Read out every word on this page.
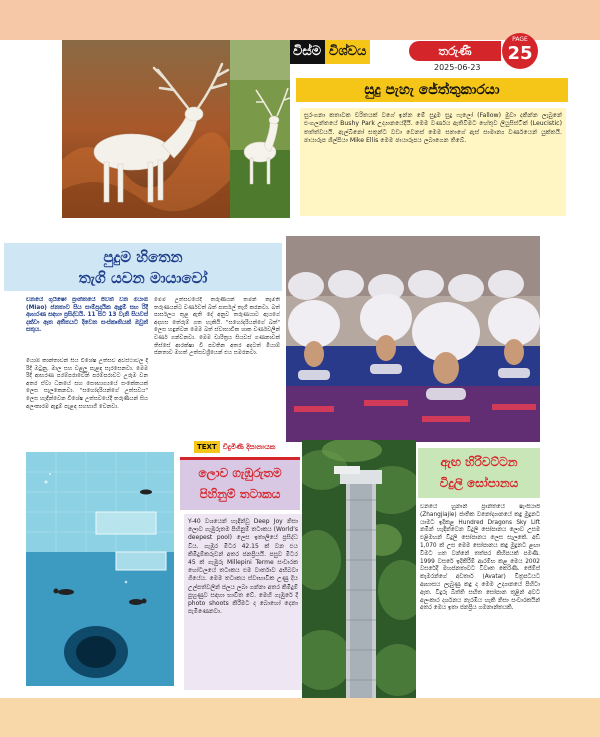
විස්ම විශ්වය	තරුණී
2025-06-23
PAGE
25
සුදු පැහැ ජේත්තුකාරයා
සුරංගනා කතාවක චරිතයක් වගේ ඉන්න මේ සුදුම සුදු ෆැලෝ (Fallow) මුවා දකින්න ලැබුනේ එංගලන්තයේ Bushy Park උද්‍යානයේදීයි. මෙම වර්ණය ඇතිවීමට හේතුව ලියුසිස්ටික් (Leucistic) තත්ත්වයයි. ඇල්බිනෝ සතුන්ට වඩා වෙනස් මෙම සතාගේ ඇස් සාමාන්‍ය වර්ණයෙන් යුක්තයි. ඡායාරූප ශිල්පියා Mike Ellis මෙම ඡායාරූපය ලබාගෙන තිබේ.
පුදුම හිතෙන
තැගි යවන මායාවෝ
චීනයේ ගුයිෂෝ ප්‍රාන්තයේ ජීවත් වන මියාඕ (Miao) ජනතාව සිය සාම්ප්‍රදායික ඇඳුම් සහ රිදී ආභරණ සඳහා ප්‍රසිද්ධයි. 11 සිට 13 වැනි සියවස් දක්වා ඈත අතීතයට දිවෙන සංස්කෘතියක් ඔවුන් සතුය.
මියාඕ කාන්තාවන් සිය විශේෂ උත්සව අවස්ථාවල දී රිදී ඔටුනු, මාල සහ වළලු පැළඳ සැරසෙනවා. මෙම රිදී ආභරණ පරම්පරාවෙන් පරම්පරාවට උරුම වන අතර ඒවා ධනයේ සහ සෞභාග්‍යයේ සංකේතයක් ලෙස සැලකෙනවා. "සහෝදරියන්ගේ උත්සවය" ලෙස හැඳින්වෙන විශේෂ උත්සවයේදී තරුණියන් සිය අලංකාරම ඇඳුම් පැළඳ සහභාගි වෙනවා.
මෙම උත්සවයේදී තරුණියන් තමන් කැමති තරුණයන්ට වර්ණවත් බත් පාර්සල් තෑගි කරනවා. බත් පාර්සලය තුළ ඇති දේ අනුව තරුණයාට ඇයගේ අදහස තේරුම් ගත හැකියි. "සහෝදරියන්ගේ බත්" ලෙස හඳුන්වන මෙම බත් ස්වාභාවික ශාක වර්ණවලින් වර්ණ ගන්වනවා. මෙම චාරිත්‍රය සියවස් ගණනාවක් තිස්සේ ආරක්ෂා වී පවතින අතර අදටත් මියාඕ ජනතාව මහත් උත්සවශ්‍රීයෙන් එය සමරනවා.
TEXT චිදුමිණි දිසානායක
ලොව ගැඹුරුතම
පිහිනුම් තටාකය
Y-40 වශයෙන් හැඳින්වූ Deep Joy නිසා ලොව ගැඹුරුතම පිහිනුම් තටාකය (World's deepest pool) ලෙස ඉතාලියේ ප්‍රසිද්ධ විය. ගැඹුර මීටර 42.15 ක් වන එය කිමිදුම්කරුවන් අතර ජනප්‍රියයි. පසුව මීටර 45 ක් ගැඹුරු Millepini Terme සංචාරක හෝටලයේ තටාකය එම වාර්තාව අභිබවා ගියේය. මෙම තටාකය ස්වාභාවික උණු දිය උල්පත්වලින් ජලය ලබා ගන්නා අතර කිමිදුම් පුහුණුව සඳහා භාවිත වේ. මෙහි ගැඹුරේ දී photo shoots කිරීමට ද බොහෝ දෙනා පැමිණෙනවා.
ඇඟ හිරිවට්ටන
විදුලි සෝපානය
චීනයේ හුනාන් ප්‍රාන්තයේ ෂැංජියාජී (Zhangjiajie) ජාතික වනෝද්‍යානයේ කඳු මුදුනට යාමට ඉදිකළ Hundred Dragons Sky Lift නමින් හැඳින්වෙන විදුලි සෝපානය ලොව උසම එළිමහන් විදුලි සෝපානය ලෙස සැලකේ. අඩි 1,070 ක් උස මෙම සෝපානය කඳු මුදුනට ළඟා වීමට ගත වන්නේ තත්පර කිහිපයක් පමණි. 1999 වසරේ ඉදිකිරීම් ආරම්භ කළ මෙය 2002 වසරේදී මහජනතාවට විවෘත කෙරිණි. ජේම්ස් කැමරන්ගේ අවතාර් (Avatar) චිත්‍රපටයට ආභාසය ලැබුණු කඳු ද මෙම උද්‍යානයේ පිහිටා ඇත. වීදුරු බිත්ති සහිත සෝපාන තුළින් අවට අලංකාර දර්ශනය නැරඹිය හැකි නිසා සංචාරකයින් අතර මෙය ඉතා ජනප්‍රිය ගමනාන්තයකි.
